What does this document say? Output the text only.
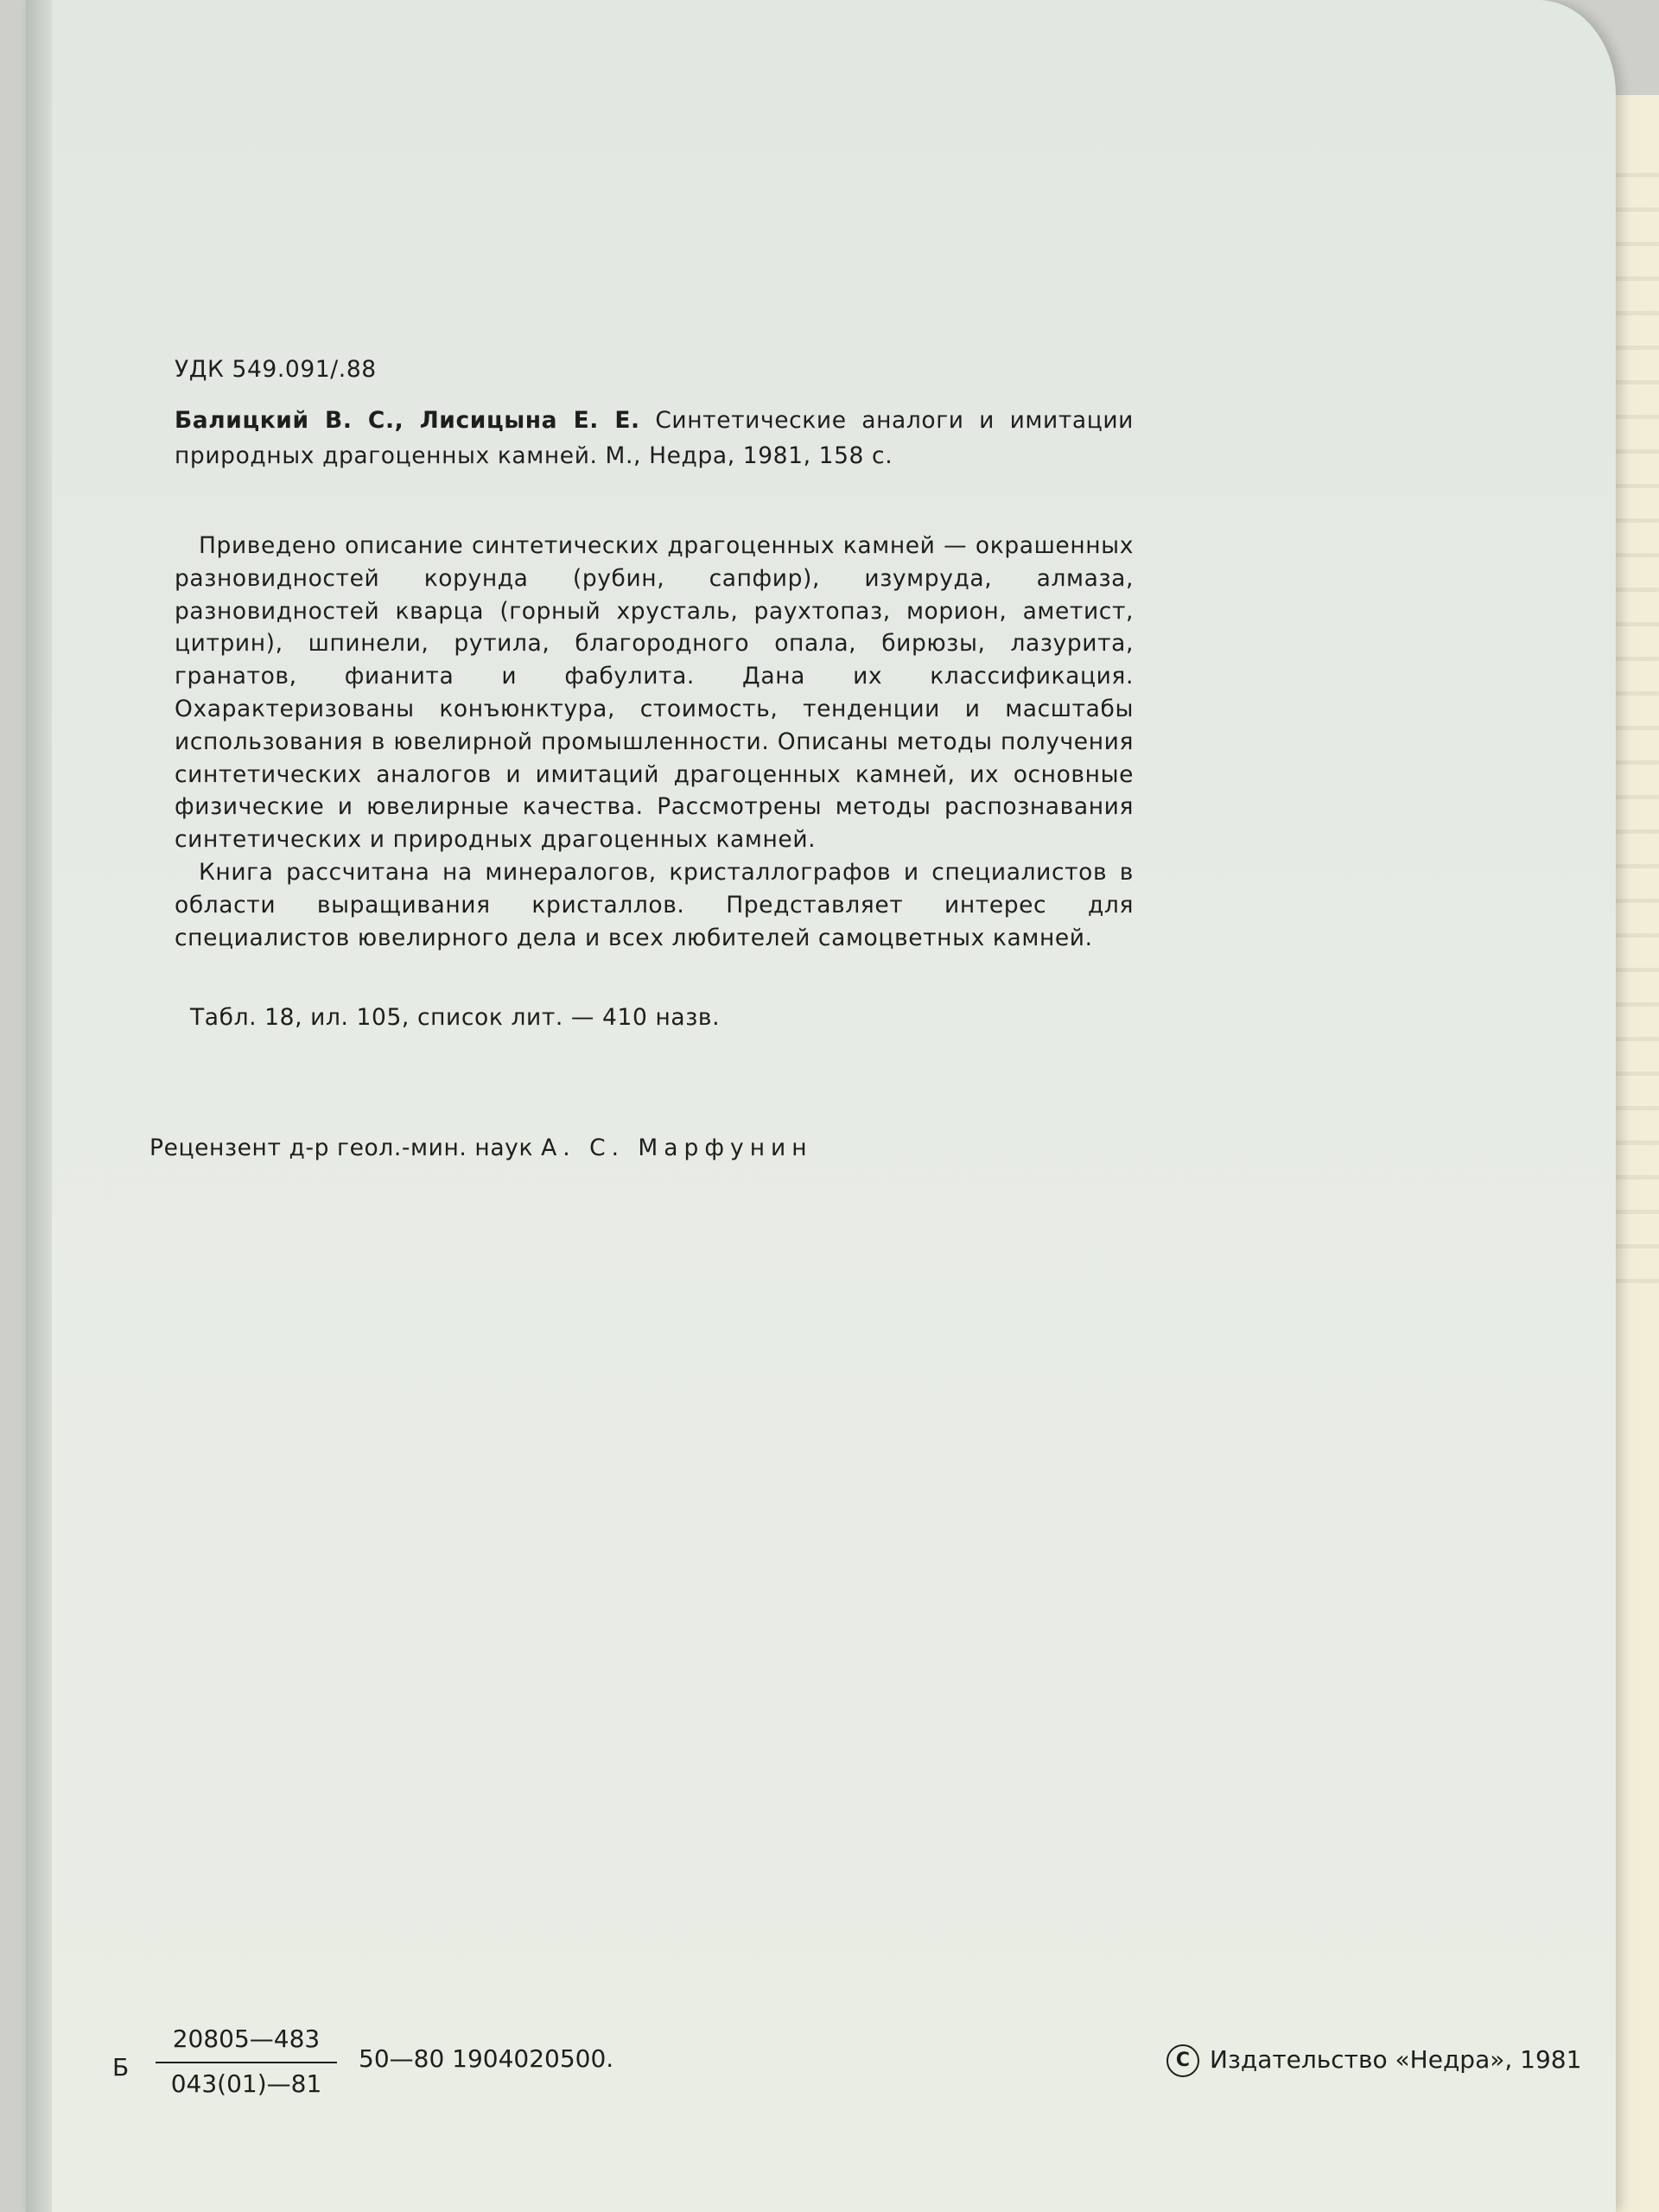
УДК 549.091/.88
Балицкий В. С., Лисицына Е. Е. Синтетические аналоги и имитации природных драгоценных камней. М., Недра, 1981, 158 с.

Приведено описание синтетических драгоценных камней — окрашенных разновидностей корунда (рубин, сапфир), изумруда, алмаза, разновидностей кварца (горный хрусталь, раухтопаз, морион, аметист, цитрин), шпинели, рутила, благородного опала, бирюзы, лазурита, гранатов, фианита и фабулита. Дана их классификация. Охарактеризованы конъюнктура, стоимость, тенденции и масштабы использования в ювелирной промышленности. Описаны методы получения синтетических аналогов и имитаций драгоценных камней, их основные физические и ювелирные качества. Рассмотрены методы распознавания синтетических и природных драгоценных камней.

Книга рассчитана на минералогов, кристаллографов и специалистов в области выращивания кристаллов. Представляет интерес для специалистов ювелирного дела и всех любителей самоцветных камней.

Табл. 18, ил. 105, список лит. — 410 назв.
Рецензент д-р геол.-мин. наук А. С. Марфунин
Б
20805—483
043(01)—81
50—80 1904020500.	C Издательство «Недра», 1981
